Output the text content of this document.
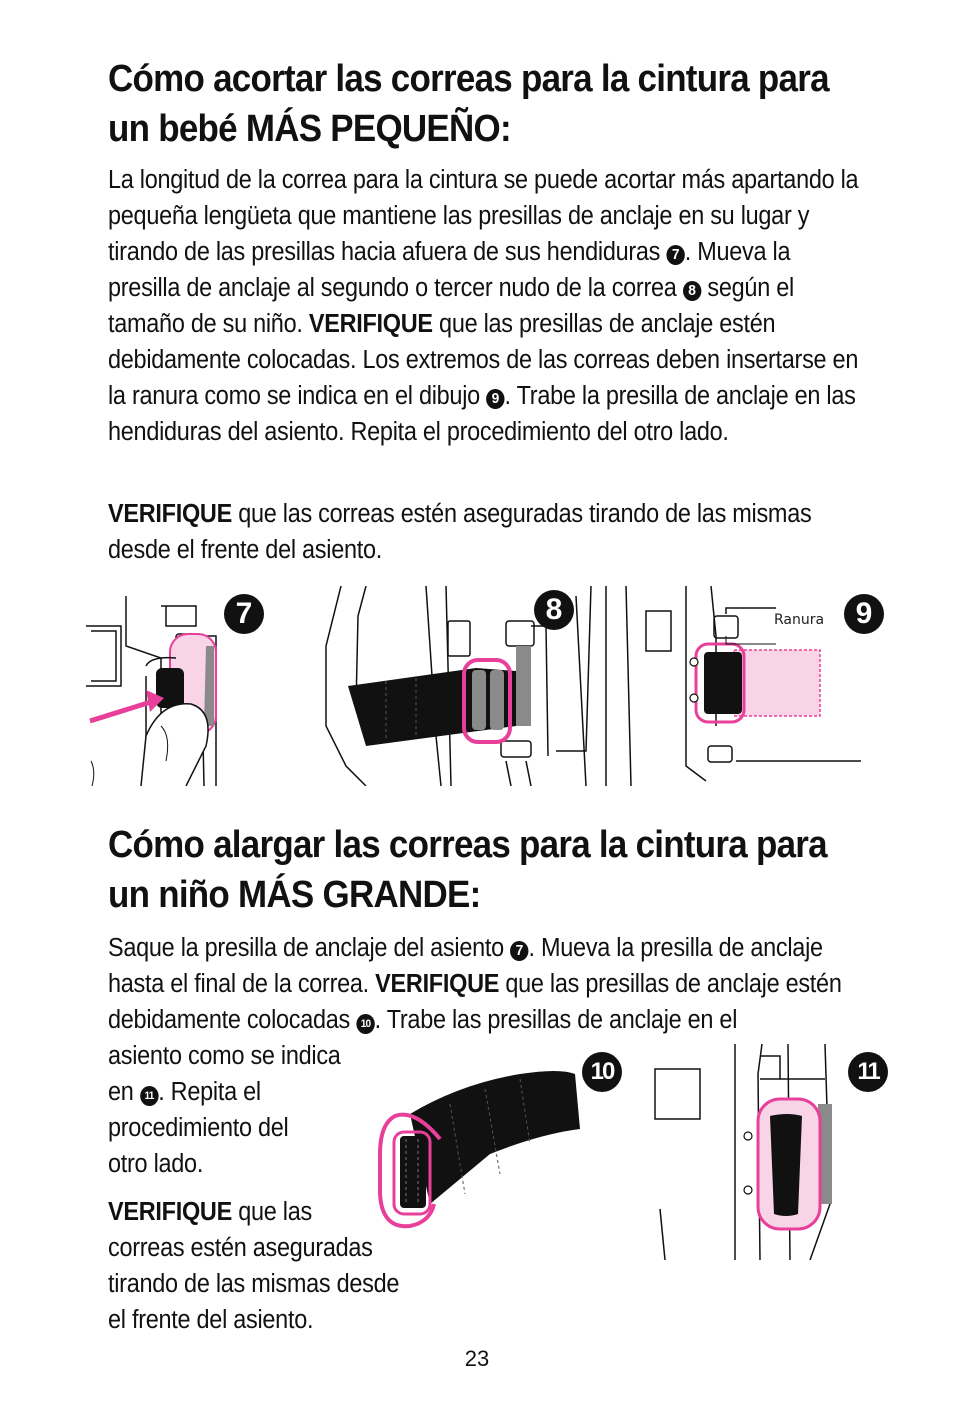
Cómo acortar las correas para la cintura para
un bebé MÁS PEQUEÑO:

La longitud de la correa para la cintura se puede acortar más apartando la pequeña lengüeta que mantiene las presillas de anclaje en su lugar y tirando de las presillas hacia afuera de sus hendiduras 7 . Mueva la presilla de anclaje al segundo o tercer nudo de la correa 8 según el tamaño de su niño. VERIFIQUE que las presillas de anclaje estén debidamente colocadas. Los extremos de las correas deben insertarse en la ranura como se indica en el dibujo 9 . Trabe la presilla de anclaje en las hendiduras del asiento. Repita el procedimiento del otro lado.

VERIFIQUE que las correas estén aseguradas tirando de las mismas desde el frente del asiento.

7	8	9
Ranura
Cómo alargar las correas para la cintura para
un niño MÁS GRANDE:

Saque la presilla de anclaje del asiento 7 . Mueva la presilla de anclaje hasta el final de la correa. VERIFIQUE que las presillas de anclaje estén debidamente colocadas 10 . Trabe las presillas de anclaje en el

asiento como se indica
en 11 . Repita el
procedimiento del
otro lado.

VERIFIQUE que las
correas estén aseguradas
tirando de las mismas desde
el frente del asiento.

10	11
23
